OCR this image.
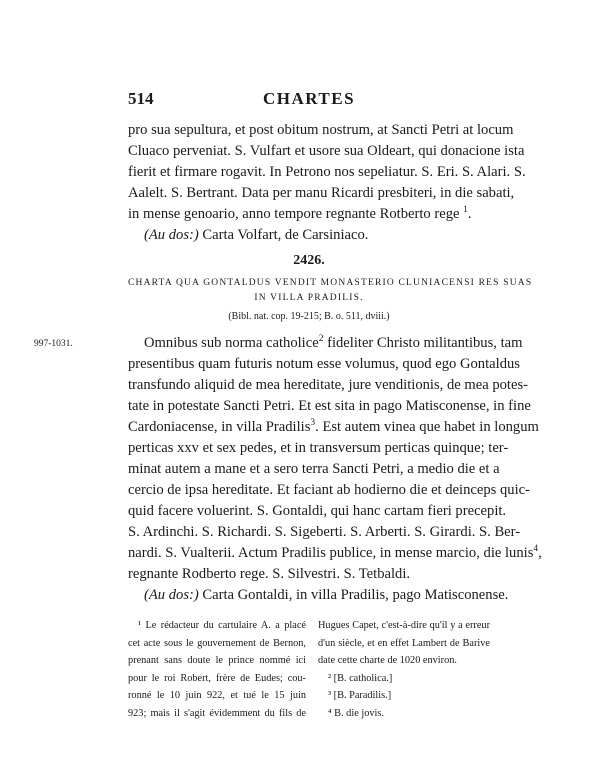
514	CHARTES
pro sua sepultura, et post obitum nostrum, at Sancti Petri at locum
Cluaco perveniat. S. Vulfart et usore sua Oldeart, qui donacione ista
fierit et firmare rogavit. In Petrono nos sepeliatur. S. Eri. S. Alari. S.
Aalelt. S. Bertrant. Data per manu Ricardi presbiteri, in die sabati,
in mense genoario, anno tempore regnante Rotberto rege $^1$.
(Au dos:) Carta Volfart, de Carsiniaco.
2426.
CHARTA QUA GONTALDUS VENDIT MONASTERIO CLUNIACENSI RES SUAS
IN VILLA PRADILIS.
(Bibl. nat. cop. 19-215; B. o. 511, dviii.)
997-1031.	Omnibus sub norma catholice$^2$ fideliter Christo militantibus, tam
presentibus quam futuris notum esse volumus, quod ego Gontaldus
transfundo aliquid de mea hereditate, jure venditionis, de mea potes-
tate in potestate Sancti Petri. Et est sita in pago Matisconense, in fine
Cardoniacense, in villa Pradilis$^3$. Est autem vinea que habet in longum
perticas xxv et sex pedes, et in transversum perticas quinque; ter-
minat autem a mane et a sero terra Sancti Petri, a medio die et a
cercio de ipsa hereditate. Et faciant ab hodierno die et deinceps quic-
quid facere voluerint. S. Gontaldi, qui hanc cartam fieri precepit.
S. Ardinchi. S. Richardi. S. Sigeberti. S. Arberti. S. Girardi. S. Ber-
nardi. S. Vualterii. Actum Pradilis publice, in mense marcio, die lunis$^4$,
regnante Rodberto rege. S. Silvestri. S. Tetbaldi.
(Au dos:) Carta Gontaldi, in villa Pradilis, pago Matisconense.
¹ Le rédacteur du cartulaire A. a placé
cet acte sous le gouvernement de Bernon,
prenant sans doute le prince nommé ici
pour le roi Robert, frère de Eudes; cou-
ronné le 10 juin 922, et tué le 15 juin
923; mais il s'agit évidemment du fils de
Hugues Capet, c'est-à-dire qu'il y a erreur
d'un siècle, et en effet Lambert de Barive
date cette charte de 1020 environ.
² [B. catholica.]
³ [B. Paradilis.]
⁴ B. die jovis.
